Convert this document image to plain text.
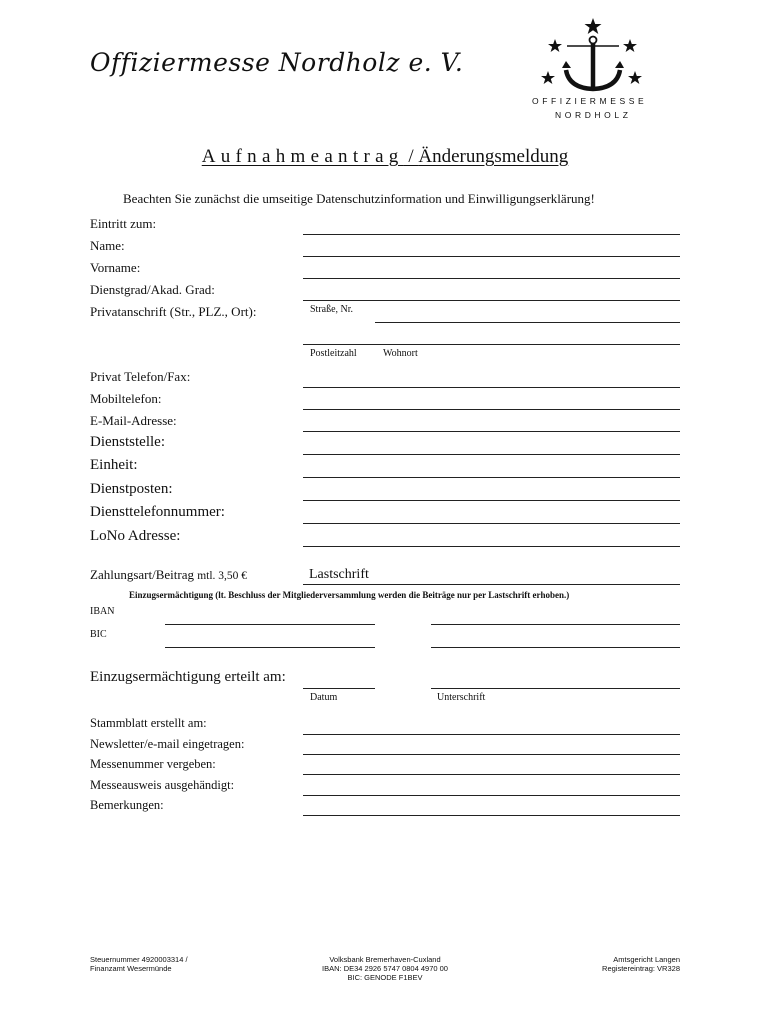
Offiziermesse Nordholz e. V.
OFFIZIERMESSE
NORDHOLZ
Aufnahmeantrag / Änderungsmeldung
Beachten Sie zunächst die umseitige Datenschutzinformation und Einwilligungserklärung!
Eintritt zum:
Name:
Vorname:
Dienstgrad/Akad. Grad:
Privatanschrift (Str., PLZ., Ort):	Straße, Nr.
Postleitzahl	Wohnort
Privat Telefon/Fax:
Mobiltelefon:
E-Mail-Adresse:
Dienststelle:
Einheit:
Dienstposten:
Diensttelefonnummer:
LoNo Adresse:
Zahlungsart/Beitrag mtl. 3,50 €	Lastschrift
Einzugsermächtigung (lt. Beschluss der Mitgliederversammlung werden die Beiträge nur per Lastschrift erhoben.)
IBAN
BIC
Einzugsermächtigung erteilt am:
Datum	Unterschrift
Stammblatt erstellt am:
Newsletter/e-mail eingetragen:
Messenummer vergeben:
Messeausweis ausgehändigt:
Bemerkungen:
Steuernummer 4920003314 /
Finanzamt Wesermünde
Volksbank Bremerhaven-Cuxland
IBAN: DE34 2926 5747 0804 4970 00
BIC: GENODE F1BEV
Amtsgericht Langen
Registereintrag: VR328
